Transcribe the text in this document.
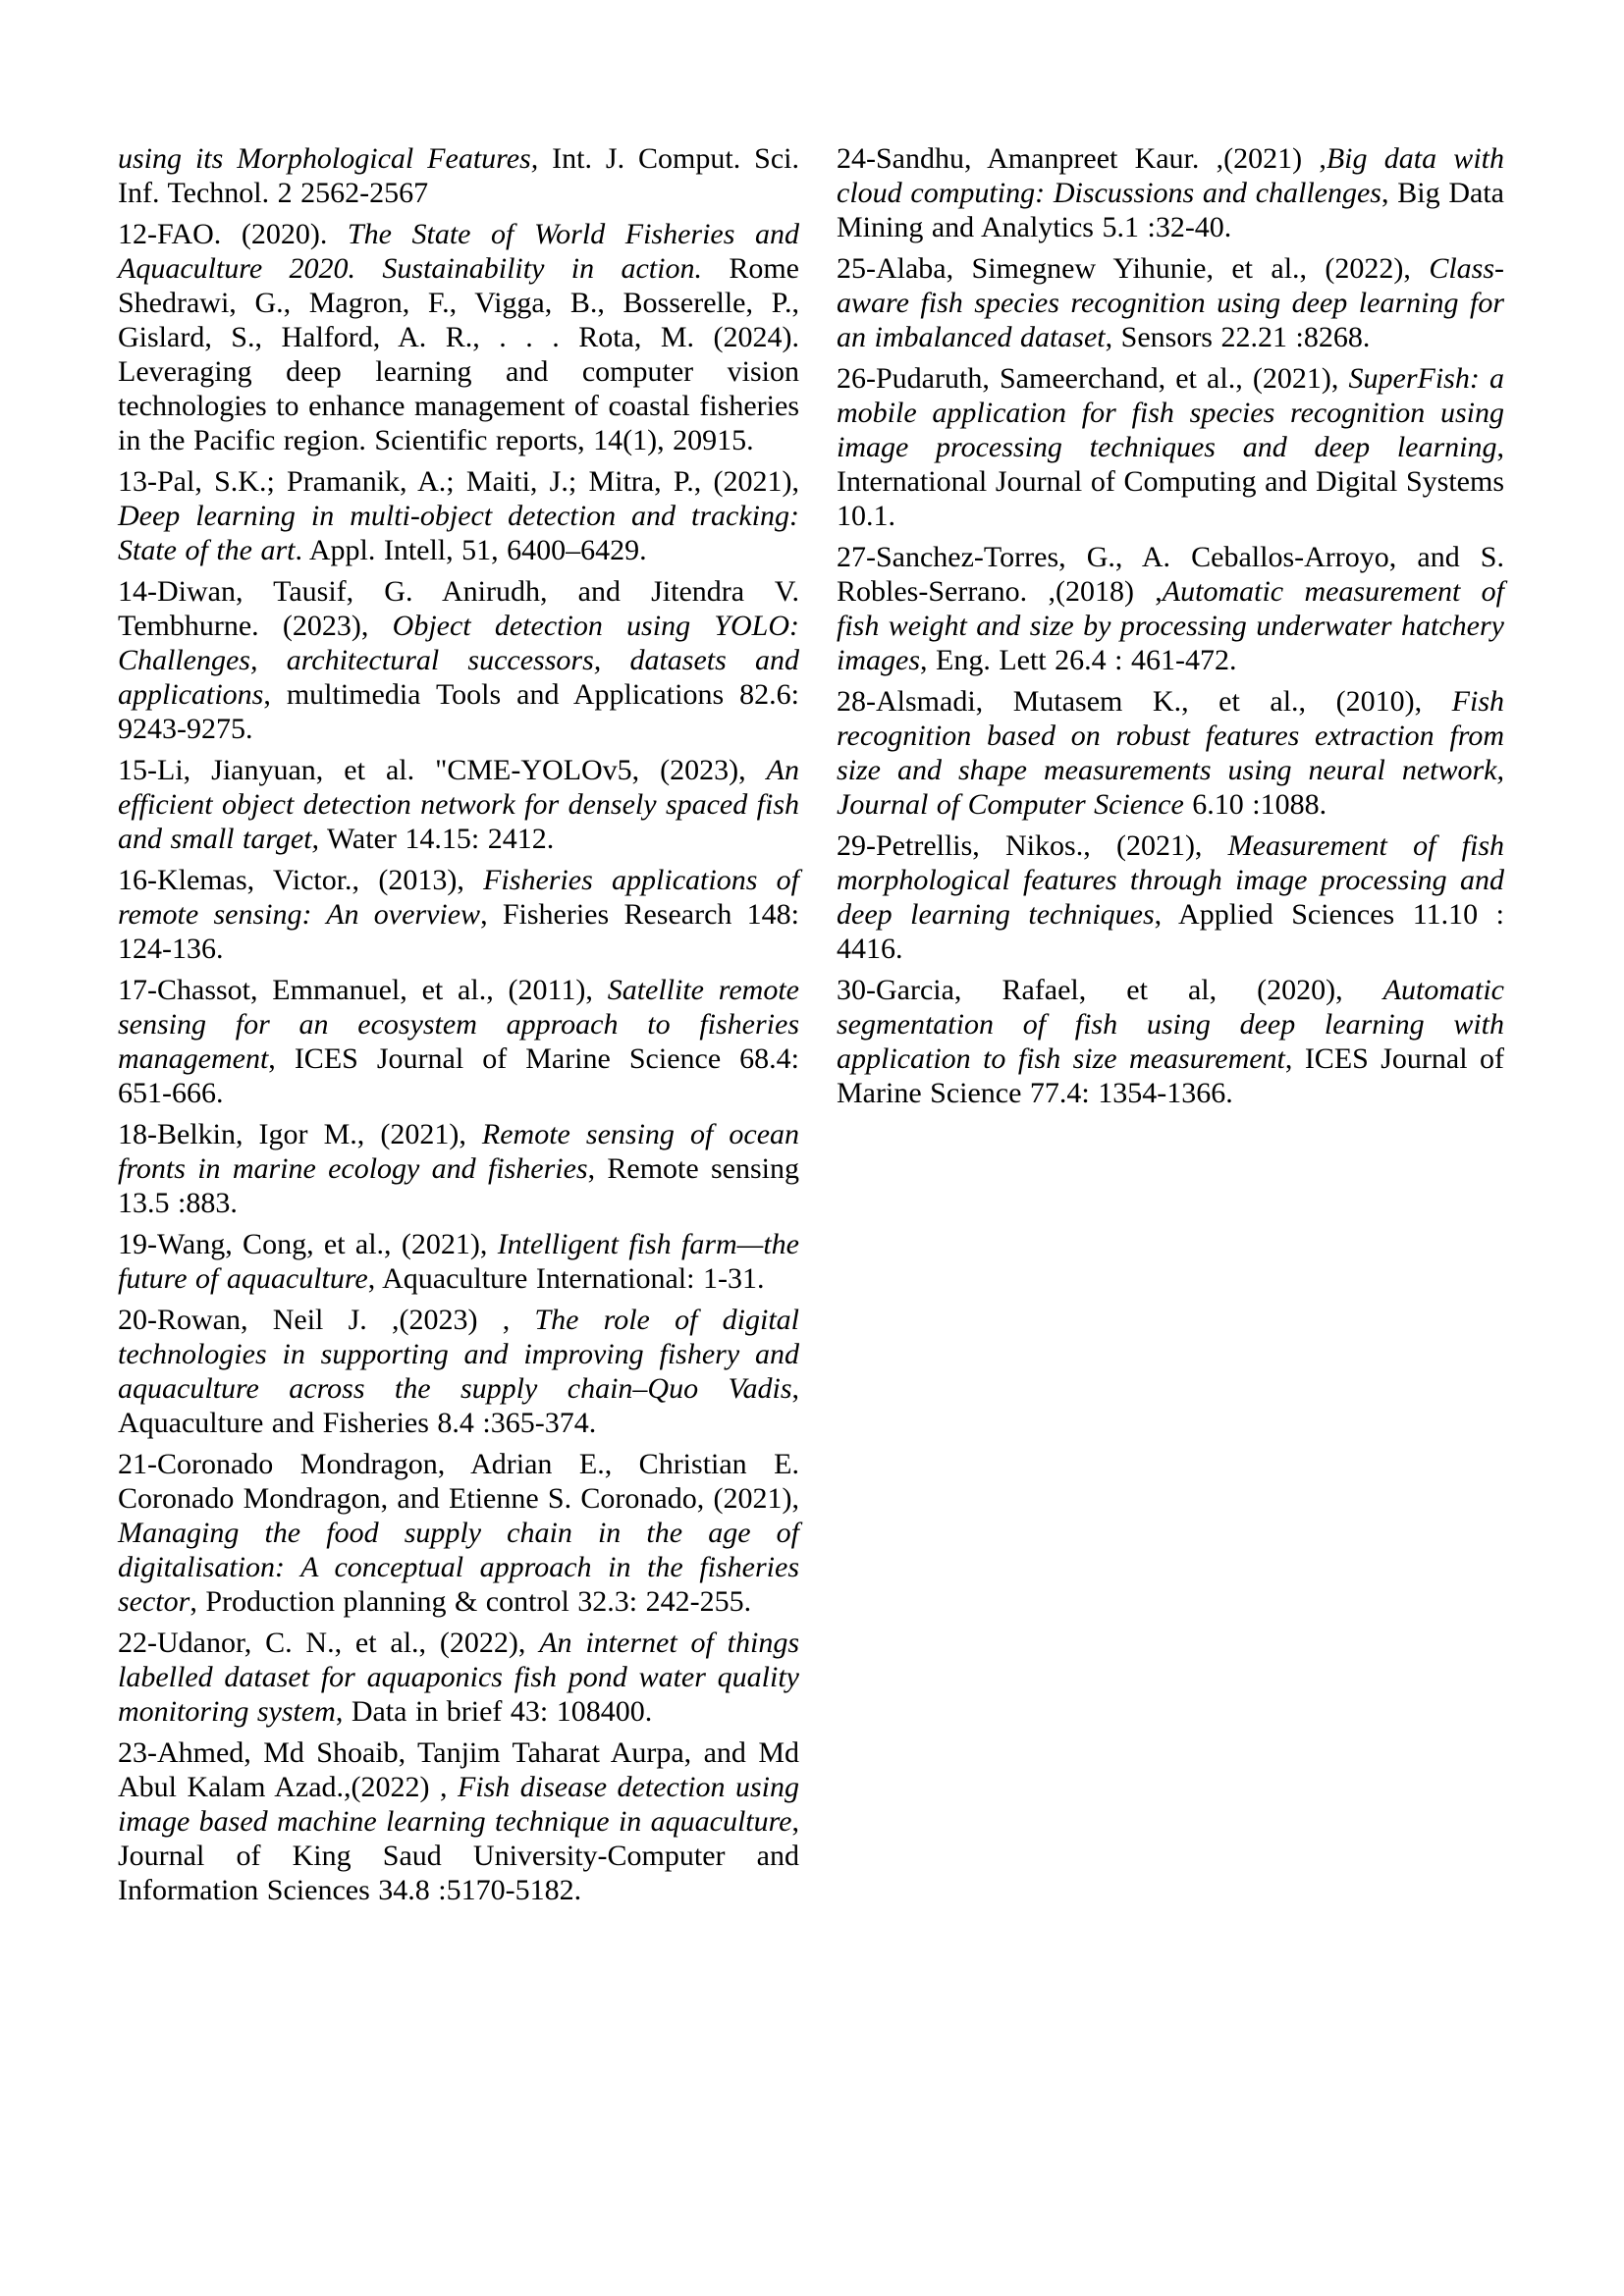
using its Morphological Features, Int. J. Comput. Sci. Inf. Technol. 2 2562-2567

12-FAO. (2020). The State of World Fisheries and Aquaculture 2020. Sustainability in action. Rome Shedrawi, G., Magron, F., Vigga, B., Bosserelle, P., Gislard, S., Halford, A. R., . . . Rota, M. (2024). Leveraging deep learning and computer vision technologies to enhance management of coastal fisheries in the Pacific region. Scientific reports, 14(1), 20915.

13-Pal, S.K.; Pramanik, A.; Maiti, J.; Mitra, P., (2021), Deep learning in multi-object detection and tracking: State of the art. Appl. Intell, 51, 6400–6429.

14-Diwan, Tausif, G. Anirudh, and Jitendra V. Tembhurne. (2023), Object detection using YOLO: Challenges, architectural successors, datasets and applications, multimedia Tools and Applications 82.6: 9243-9275.

15-Li, Jianyuan, et al. "CME-YOLOv5, (2023), An efficient object detection network for densely spaced fish and small target, Water 14.15: 2412.

16-Klemas, Victor., (2013), Fisheries applications of remote sensing: An overview, Fisheries Research 148: 124-136.

17-Chassot, Emmanuel, et al., (2011), Satellite remote sensing for an ecosystem approach to fisheries management, ICES Journal of Marine Science 68.4: 651-666.

18-Belkin, Igor M., (2021), Remote sensing of ocean fronts in marine ecology and fisheries, Remote sensing 13.5 :883.

19-Wang, Cong, et al., (2021), Intelligent fish farm—the future of aquaculture, Aquaculture International: 1-31.

20-Rowan, Neil J. ,(2023) , The role of digital technologies in supporting and improving fishery and aquaculture across the supply chain–Quo Vadis, Aquaculture and Fisheries 8.4 :365-374.

21-Coronado Mondragon, Adrian E., Christian E. Coronado Mondragon, and Etienne S. Coronado, (2021), Managing the food supply chain in the age of digitalisation: A conceptual approach in the fisheries sector, Production planning & control 32.3: 242-255.

22-Udanor, C. N., et al., (2022), An internet of things labelled dataset for aquaponics fish pond water quality monitoring system, Data in brief 43: 108400.

23-Ahmed, Md Shoaib, Tanjim Taharat Aurpa, and Md Abul Kalam Azad.,(2022) , Fish disease detection using image based machine learning technique in aquaculture, Journal of King Saud University-Computer and Information Sciences 34.8 :5170-5182.

24-Sandhu, Amanpreet Kaur. ,(2021) ,Big data with cloud computing: Discussions and challenges, Big Data Mining and Analytics 5.1 :32-40.

25-Alaba, Simegnew Yihunie, et al., (2022), Class-aware fish species recognition using deep learning for an imbalanced dataset, Sensors 22.21 :8268.

26-Pudaruth, Sameerchand, et al., (2021), SuperFish: a mobile application for fish species recognition using image processing techniques and deep learning, International Journal of Computing and Digital Systems 10.1.

27-Sanchez-Torres, G., A. Ceballos-Arroyo, and S. Robles-Serrano. ,(2018) ,Automatic measurement of fish weight and size by processing underwater hatchery images, Eng. Lett 26.4 : 461-472.

28-Alsmadi, Mutasem K., et al., (2010), Fish recognition based on robust features extraction from size and shape measurements using neural network, Journal of Computer Science 6.10 :1088.

29-Petrellis, Nikos., (2021), Measurement of fish morphological features through image processing and deep learning techniques, Applied Sciences 11.10 : 4416.

30-Garcia, Rafael, et al, (2020), Automatic segmentation of fish using deep learning with application to fish size measurement, ICES Journal of Marine Science 77.4: 1354-1366.
